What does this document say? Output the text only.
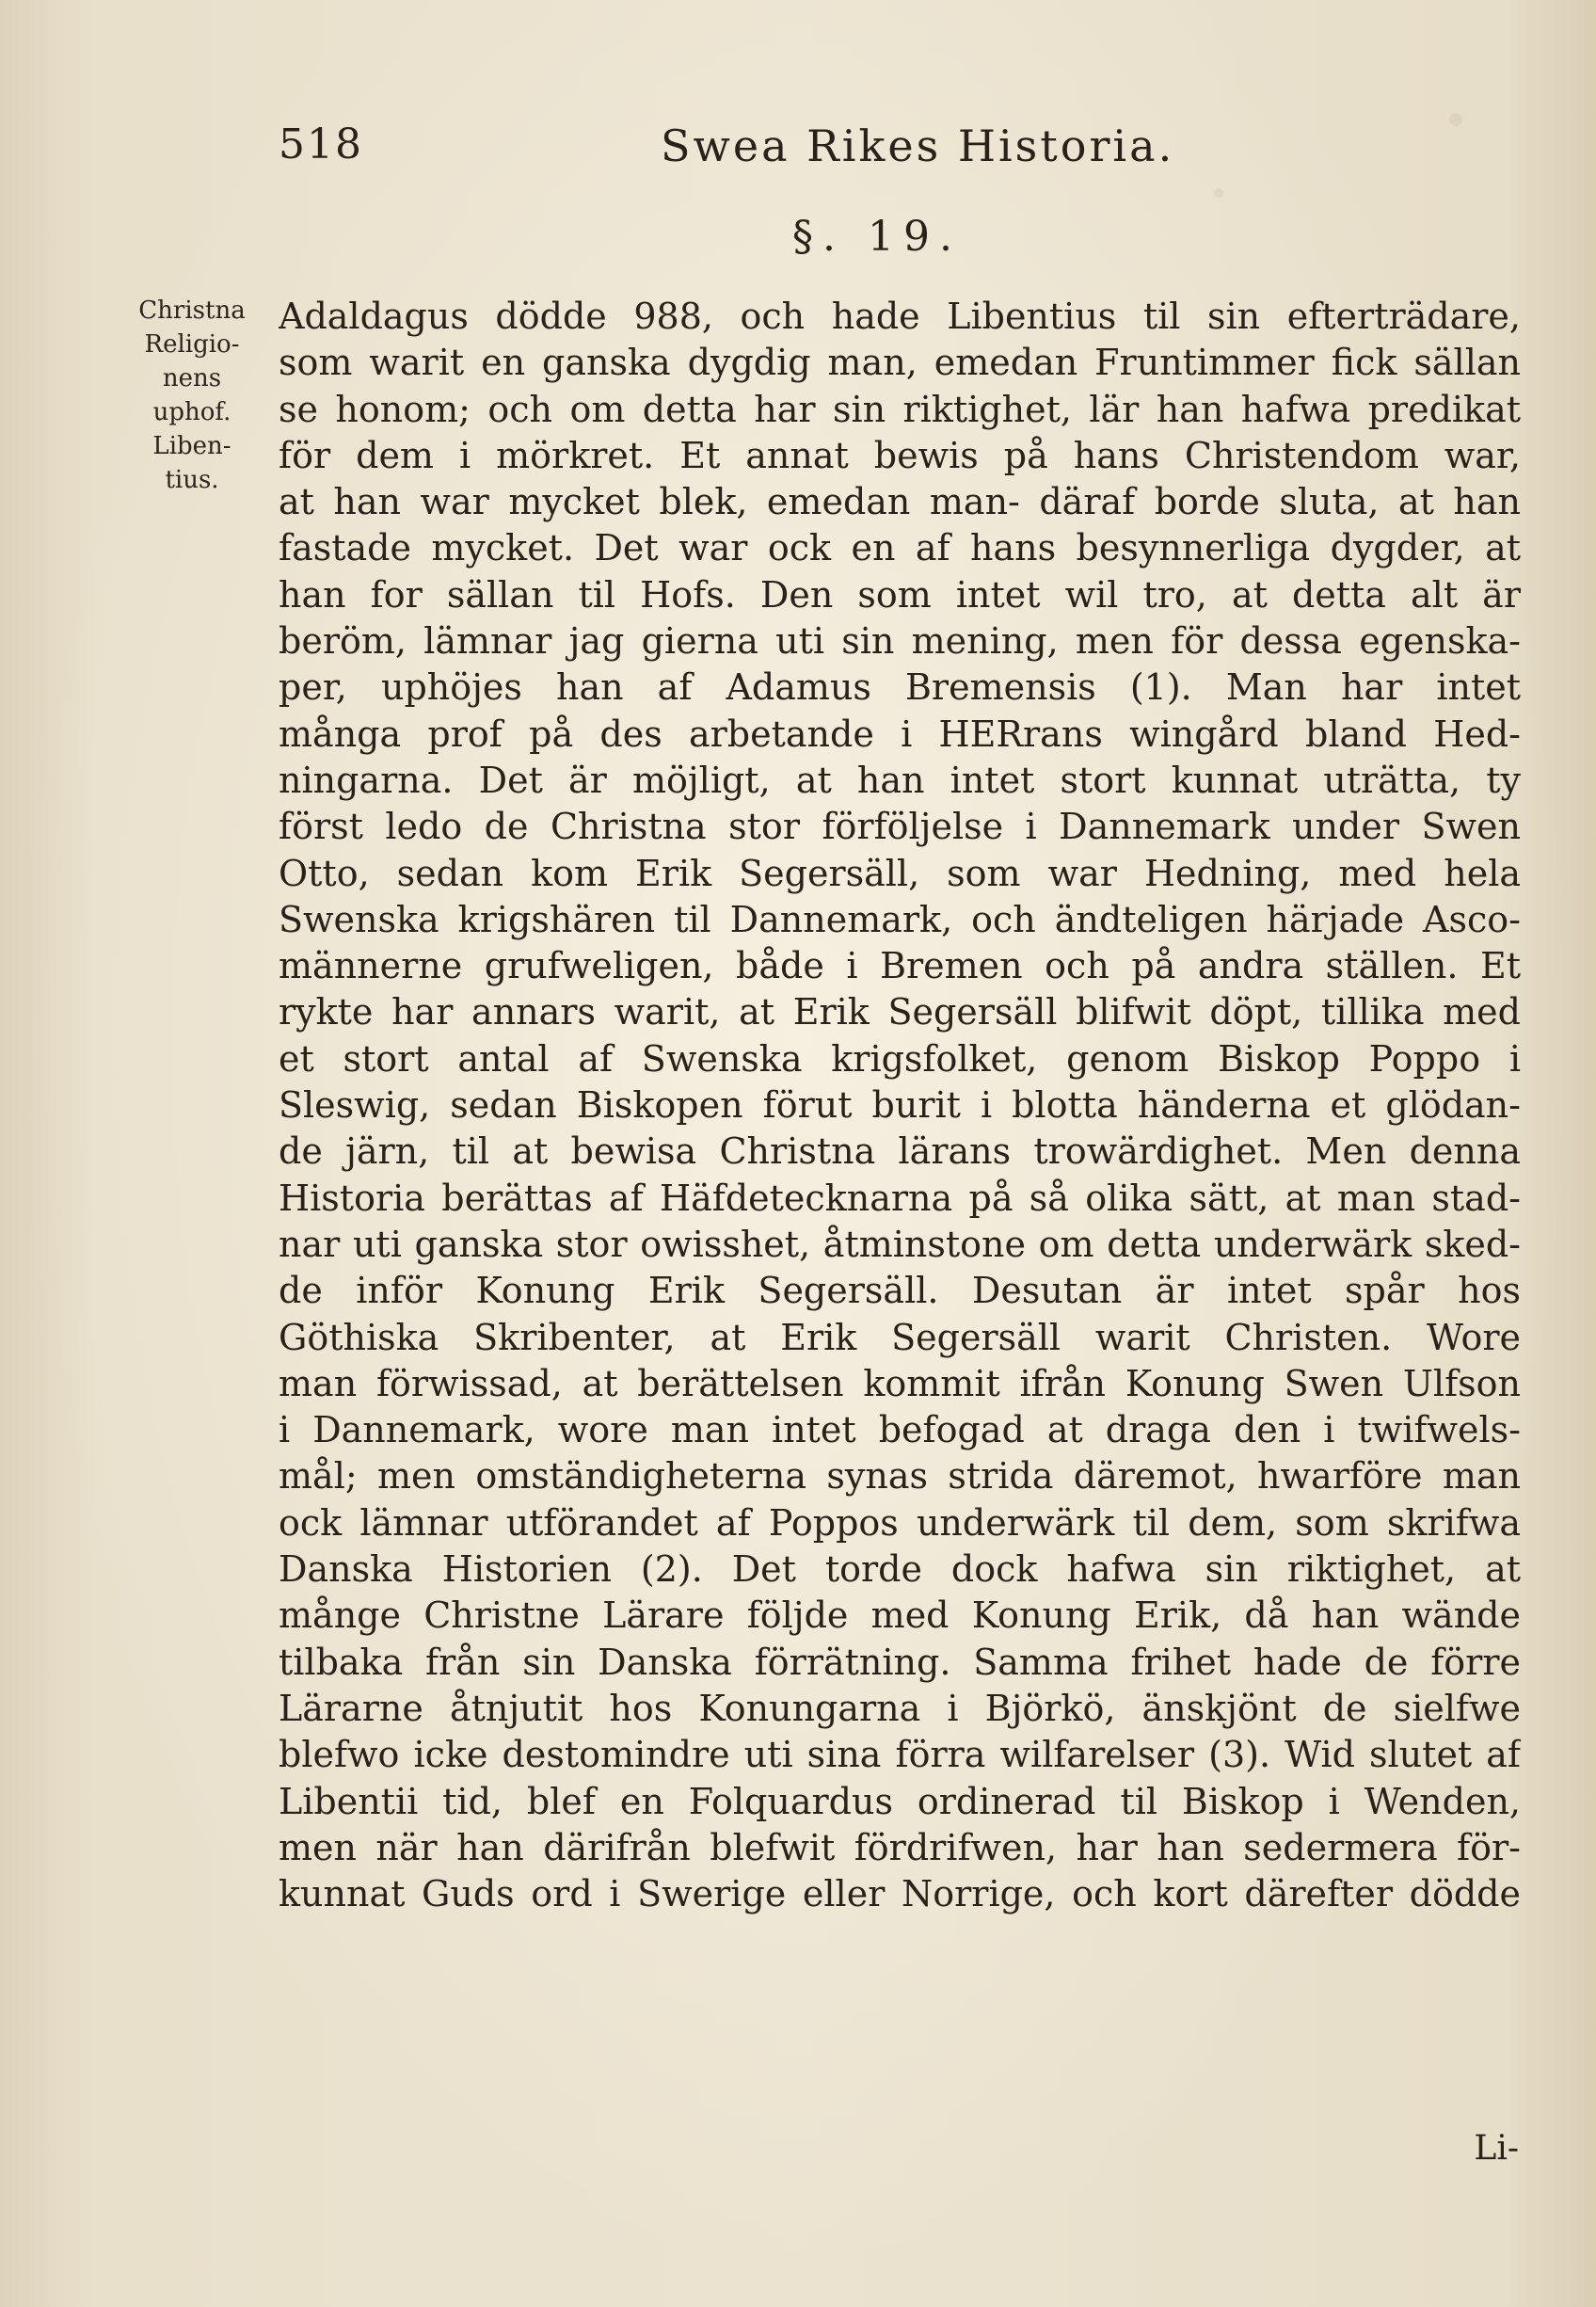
518	Swea Rikes Historia.
§. 19.
Christna
Religio-
nens
uphof.
Liben-
tius.
Adaldagus dödde 988, och hade Libentius til sin efterträdare,
som warit en ganska dygdig man, emedan Fruntimmer fick sällan
se honom; och om detta har sin riktighet, lär han hafwa predikat
för dem i mörkret. Et annat bewis på hans Christendom war,
at han war mycket blek, emedan man- däraf borde sluta, at han
fastade mycket. Det war ock en af hans besynnerliga dygder, at
han for sällan til Hofs. Den som intet wil tro, at detta alt är
beröm, lämnar jag gierna uti sin mening, men för dessa egenska-
per, uphöjes han af Adamus Bremensis (1). Man har intet
många prof på des arbetande i HERrans wingård bland Hed-
ningarna. Det är möjligt, at han intet stort kunnat uträtta, ty
först ledo de Christna stor förföljelse i Dannemark under Swen
Otto, sedan kom Erik Segersäll, som war Hedning, med hela
Swenska krigshären til Dannemark, och ändteligen härjade Asco-
männerne grufweligen, både i Bremen och på andra ställen. Et
rykte har annars warit, at Erik Segersäll blifwit döpt, tillika med
et stort antal af Swenska krigsfolket, genom Biskop Poppo i
Sleswig, sedan Biskopen förut burit i blotta händerna et glödan-
de järn, til at bewisa Christna lärans trowärdighet. Men denna
Historia berättas af Häfdetecknarna på så olika sätt, at man stad-
nar uti ganska stor owisshet, åtminstone om detta underwärk sked-
de inför Konung Erik Segersäll. Desutan är intet spår hos
Göthiska Skribenter, at Erik Segersäll warit Christen. Wore
man förwissad, at berättelsen kommit ifrån Konung Swen Ulfson
i Dannemark, wore man intet befogad at draga den i twifwels-
mål; men omständigheterna synas strida däremot, hwarföre man
ock lämnar utförandet af Poppos underwärk til dem, som skrifwa
Danska Historien (2). Det torde dock hafwa sin riktighet, at
månge Christne Lärare följde med Konung Erik, då han wände
tilbaka från sin Danska förrätning. Samma frihet hade de förre
Lärarne åtnjutit hos Konungarna i Björkö, änskjönt de sielfwe
blefwo icke destomindre uti sina förra wilfarelser (3). Wid slutet af
Libentii tid, blef en Folquardus ordinerad til Biskop i Wenden,
men när han därifrån blefwit fördrifwen, har han sedermera för-
kunnat Guds ord i Swerige eller Norrige, och kort därefter dödde
Li-
